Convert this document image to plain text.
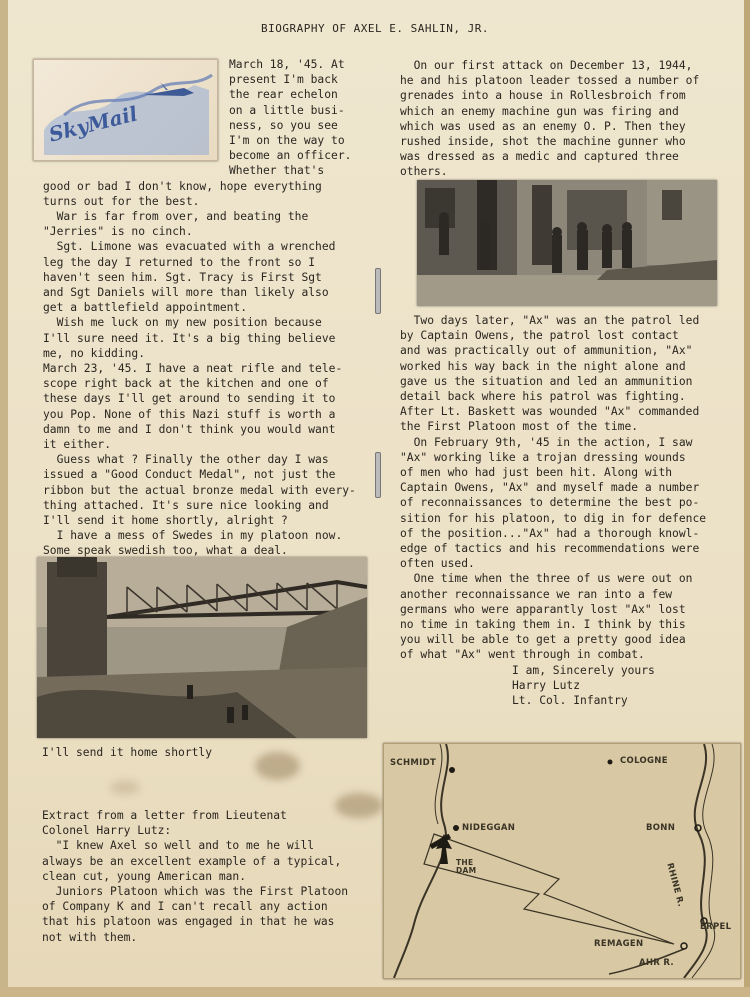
BIOGRAPHY OF AXEL E. SAHLIN, JR.
SkyMail
March 18, '45. At
present I'm back
the rear echelon
on a little busi-
ness, so you see
I'm on the way to
become an officer.
Whether that's
good or bad I don't know, hope everything
turns out for the best.
War is far from over, and beating the
"Jerries" is no cinch.
Sgt. Limone was evacuated with a wrenched
leg the day I returned to the front so I
haven't seen him. Sgt. Tracy is First Sgt
and Sgt Daniels will more than likely also
get a battlefield appointment.
Wish me luck on my new position because
I'll sure need it. It's a big thing believe
me, no kidding.
March 23, '45. I have a neat rifle and tele-
scope right back at the kitchen and one of
these days I'll get around to sending it to
you Pop. None of this Nazi stuff is worth a
damn to me and I don't think you would want
it either.
Guess what ? Finally the other day I was
issued a "Good Conduct Medal", not just the
ribbon but the actual bronze medal with every-
thing attached. It's sure nice looking and
I'll send it home shortly, alright ?
I have a mess of Swedes in my platoon now.
Some speak swedish too, what a deal.
I'll send it home shortly
Extract from a letter from Lieutenat
Colonel Harry Lutz:
"I knew Axel so well and to me he will
always be an excellent example of a typical,
clean cut, young American man.
Juniors Platoon which was the First Platoon
of Company K and I can't recall any action
that his platoon was engaged in that he was
not with them.
On our first attack on December 13, 1944,
he and his platoon leader tossed a number of
grenades into a house in Rollesbroich from
which an enemy machine gun was firing and
which was used as an enemy O. P. Then they
rushed inside, shot the machine gunner who
was dressed as a medic and captured three
others.
Two days later, "Ax" was an the patrol led
by Captain Owens, the patrol lost contact
and was practically out of ammunition, "Ax"
worked his way back in the night alone and
gave us the situation and led an ammunition
detail back where his patrol was fighting.
After Lt. Baskett was wounded "Ax" commanded
the First Platoon most of the time.
On February 9th, '45 in the action, I saw
"Ax" working like a trojan dressing wounds
of men who had just been hit. Along with
Captain Owens, "Ax" and myself made a number
of reconnaissances to determine the best po-
sition for his platoon, to dig in for defence
of the position..."Ax" had a thorough knowl-
edge of tactics and his recommendations were
often used.
One time when the three of us were out on
another reconnaissance we ran into a few
germans who were apparantly lost "Ax" lost
no time in taking them in. I think by this
you will be able to get a pretty good idea
of what "Ax" went through in combat.
I am, Sincerely yours
Harry Lutz
Lt. Col. Infantry
SCHMIDT	COLOGNE
NIDEGGAN
THE
DAM
BONN
RHINE R.
ERPEL
REMAGEN
AHR R.
